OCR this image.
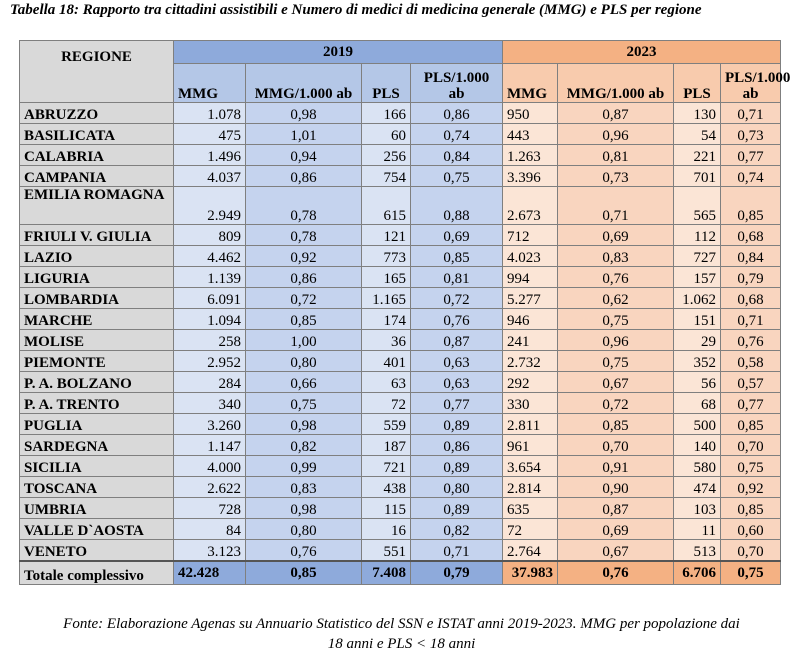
Tabella 18: Rapporto tra cittadini assistibili e Numero di medici di medicina generale (MMG) e PLS per regione
REGIONE	2019				2023			
	MMG	MMG/1.000 ab	PLS	PLS/1.000 ab	MMG	MMG/1.000 ab	PLS	PLS/1.000 ab
ABRUZZO	1.078	0,98	166	0,86	950	0,87	130	0,71
BASILICATA	475	1,01	60	0,74	443	0,96	54	0,73
CALABRIA	1.496	0,94	256	0,84	1.263	0,81	221	0,77
CAMPANIA	4.037	0,86	754	0,75	3.396	0,73	701	0,74
EMILIA ROMAGNA	2.949	0,78	615	0,88	2.673	0,71	565	0,85
FRIULI V. GIULIA	809	0,78	121	0,69	712	0,69	112	0,68
LAZIO	4.462	0,92	773	0,85	4.023	0,83	727	0,84
LIGURIA	1.139	0,86	165	0,81	994	0,76	157	0,79
LOMBARDIA	6.091	0,72	1.165	0,72	5.277	0,62	1.062	0,68
MARCHE	1.094	0,85	174	0,76	946	0,75	151	0,71
MOLISE	258	1,00	36	0,87	241	0,96	29	0,76
PIEMONTE	2.952	0,80	401	0,63	2.732	0,75	352	0,58
P. A. BOLZANO	284	0,66	63	0,63	292	0,67	56	0,57
P. A. TRENTO	340	0,75	72	0,77	330	0,72	68	0,77
PUGLIA	3.260	0,98	559	0,89	2.811	0,85	500	0,85
SARDEGNA	1.147	0,82	187	0,86	961	0,70	140	0,70
SICILIA	4.000	0,99	721	0,89	3.654	0,91	580	0,75
TOSCANA	2.622	0,83	438	0,80	2.814	0,90	474	0,92
UMBRIA	728	0,98	115	0,89	635	0,87	103	0,85
VALLE D`AOSTA	84	0,80	16	0,82	72	0,69	11	0,60
VENETO	3.123	0,76	551	0,71	2.764	0,67	513	0,70
Totale complessivo	42.428	0,85	7.408	0,79	37.983	0,76	6.706	0,75
Fonte: Elaborazione Agenas su Annuario Statistico del SSN e ISTAT anni 2019-2023. MMG per popolazione dai
18 anni e PLS < 18 anni
